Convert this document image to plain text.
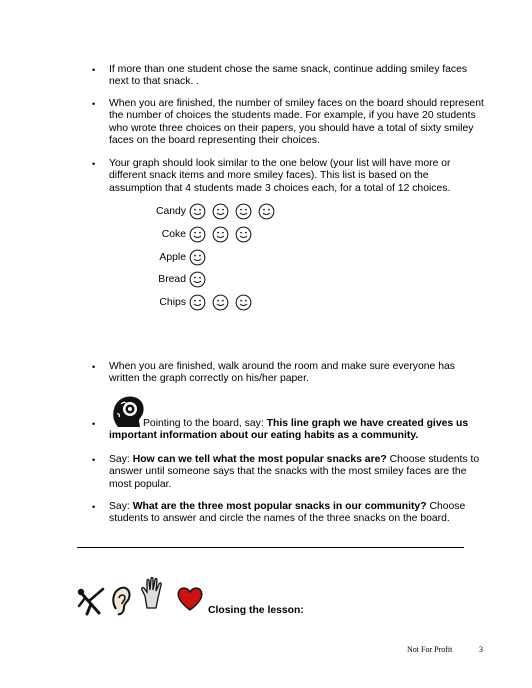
• If more than one student chose the same snack, continue adding smiley faces next to that snack. .
• When you are finished, the number of smiley faces on the board should represent the number of choices the students made. For example, if you have 20 students who wrote three choices on their papers, you should have a total of sixty smiley faces on the board representing their choices.
• Your graph should look similar to the one below (your list will have more or different snack items and more smiley faces). This list is based on the assumption that 4 students made 3 choices each, for a total of 12 choices.
Candy
Coke
Apple
Bread
Chips
• When you are finished, walk around the room and make sure everyone has written the graph correctly on his/her paper.
•	Pointing to the board, say: This line graph we have created gives us important information about our eating habits as a community.
• Say: How can we tell what the most popular snacks are? Choose students to answer until someone says that the snacks with the most smiley faces are the most popular.
• Say: What are the three most popular snacks in our community? Choose students to answer and circle the names of the three snacks on the board.
Closing the lesson:
Not For Profit	3
